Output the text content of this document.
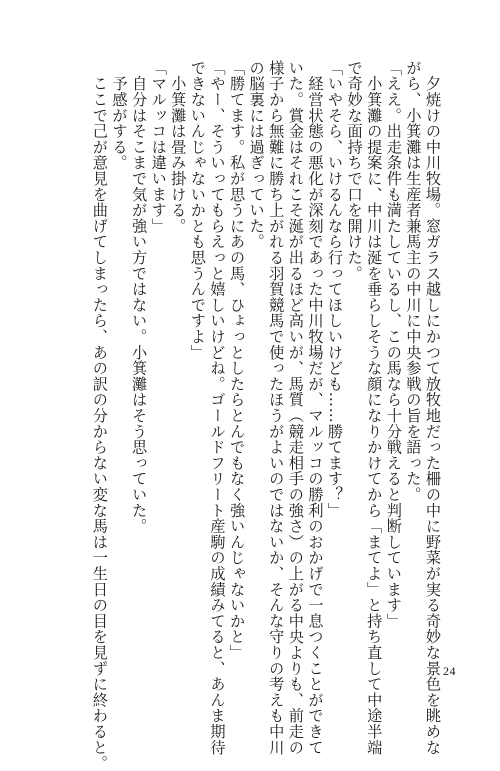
　夕焼けの中川牧場。窓ガラス越しにかつて放牧地だった柵の中に野菜が実る奇妙な景色を眺めな
がら、小箕灘は生産者兼馬主の中川に中央参戦の旨を語った。
「ええ。出走条件も満たしているし、この馬なら十分戦えると判断しています」
　小箕灘の提案に、中川は涎を垂らしそうな顔になりかけてから「まてよ」と持ち直して中途半端
で奇妙な面持ちで口を開けた。
「いやそら、いけるんなら行ってほしいけども……勝てます？」
　経営状態の悪化が深刻であった中川牧場だが、マルッコの勝利のおかげで一息つくことができて
いた。賞金はそれこそ涎が出るほど高いが、馬質（競走相手の強さ）の上がる中央よりも、前走の
様子から無難に勝ち上がれる羽賀競馬で使ったほうがよいのではないか、そんな守りの考えも中川
の脳裏には過ぎっていた。
「勝てます。私が思うにあの馬、ひょっとしたらとんでもなく強いんじゃないかと」
「やー、そういってもらえっと嬉しいけどね。ゴールドフリート産駒の成績みてると、あんま期待
できないんじゃないかとも思うんですよ」
　小箕灘は畳み掛ける。
「マルッコは違います」
　自分はそこまで気が強い方ではない。小箕灘はそう思っていた。
　予感がする。
　ここで己が意見を曲げてしまったら、あの訳の分からない変な馬は一生日の目を見ずに終わると。	24
